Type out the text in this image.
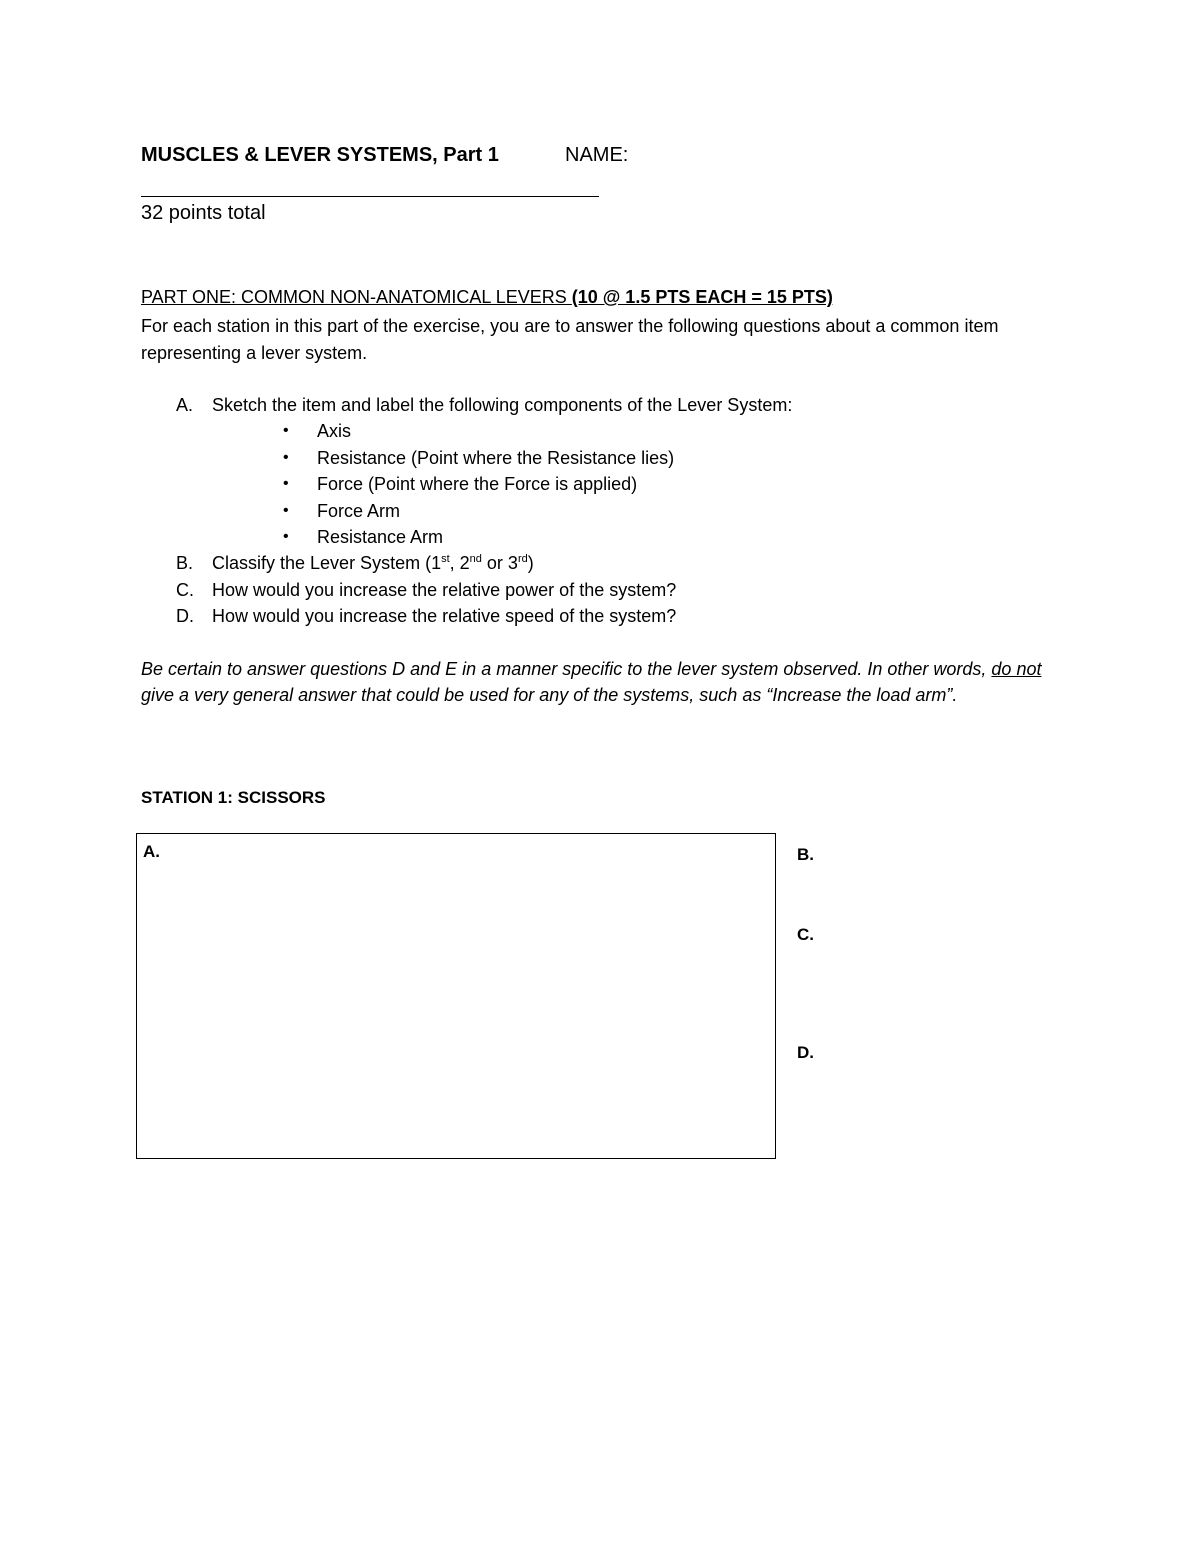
MUSCLES & LEVER SYSTEMS, Part 1	NAME:
32 points total
PART ONE: COMMON NON-ANATOMICAL LEVERS (10 @ 1.5 PTS EACH = 15 PTS)
For each station in this part of the exercise, you are to answer the following questions about a common item representing a lever system.
A.	Sketch the item and label the following components of the Lever System:
•	Axis
•	Resistance (Point where the Resistance lies)
•	Force (Point where the Force is applied)
•	Force Arm
•	Resistance Arm
B.	Classify the Lever System (1st, 2nd or 3rd)
C.	How would you increase the relative power of the system?
D.	How would you increase the relative speed of the system?
Be certain to answer questions D and E in a manner specific to the lever system observed. In other words, do not give a very general answer that could be used for any of the systems, such as “Increase the load arm”.
STATION 1: SCISSORS
A.	B.
C.
D.
